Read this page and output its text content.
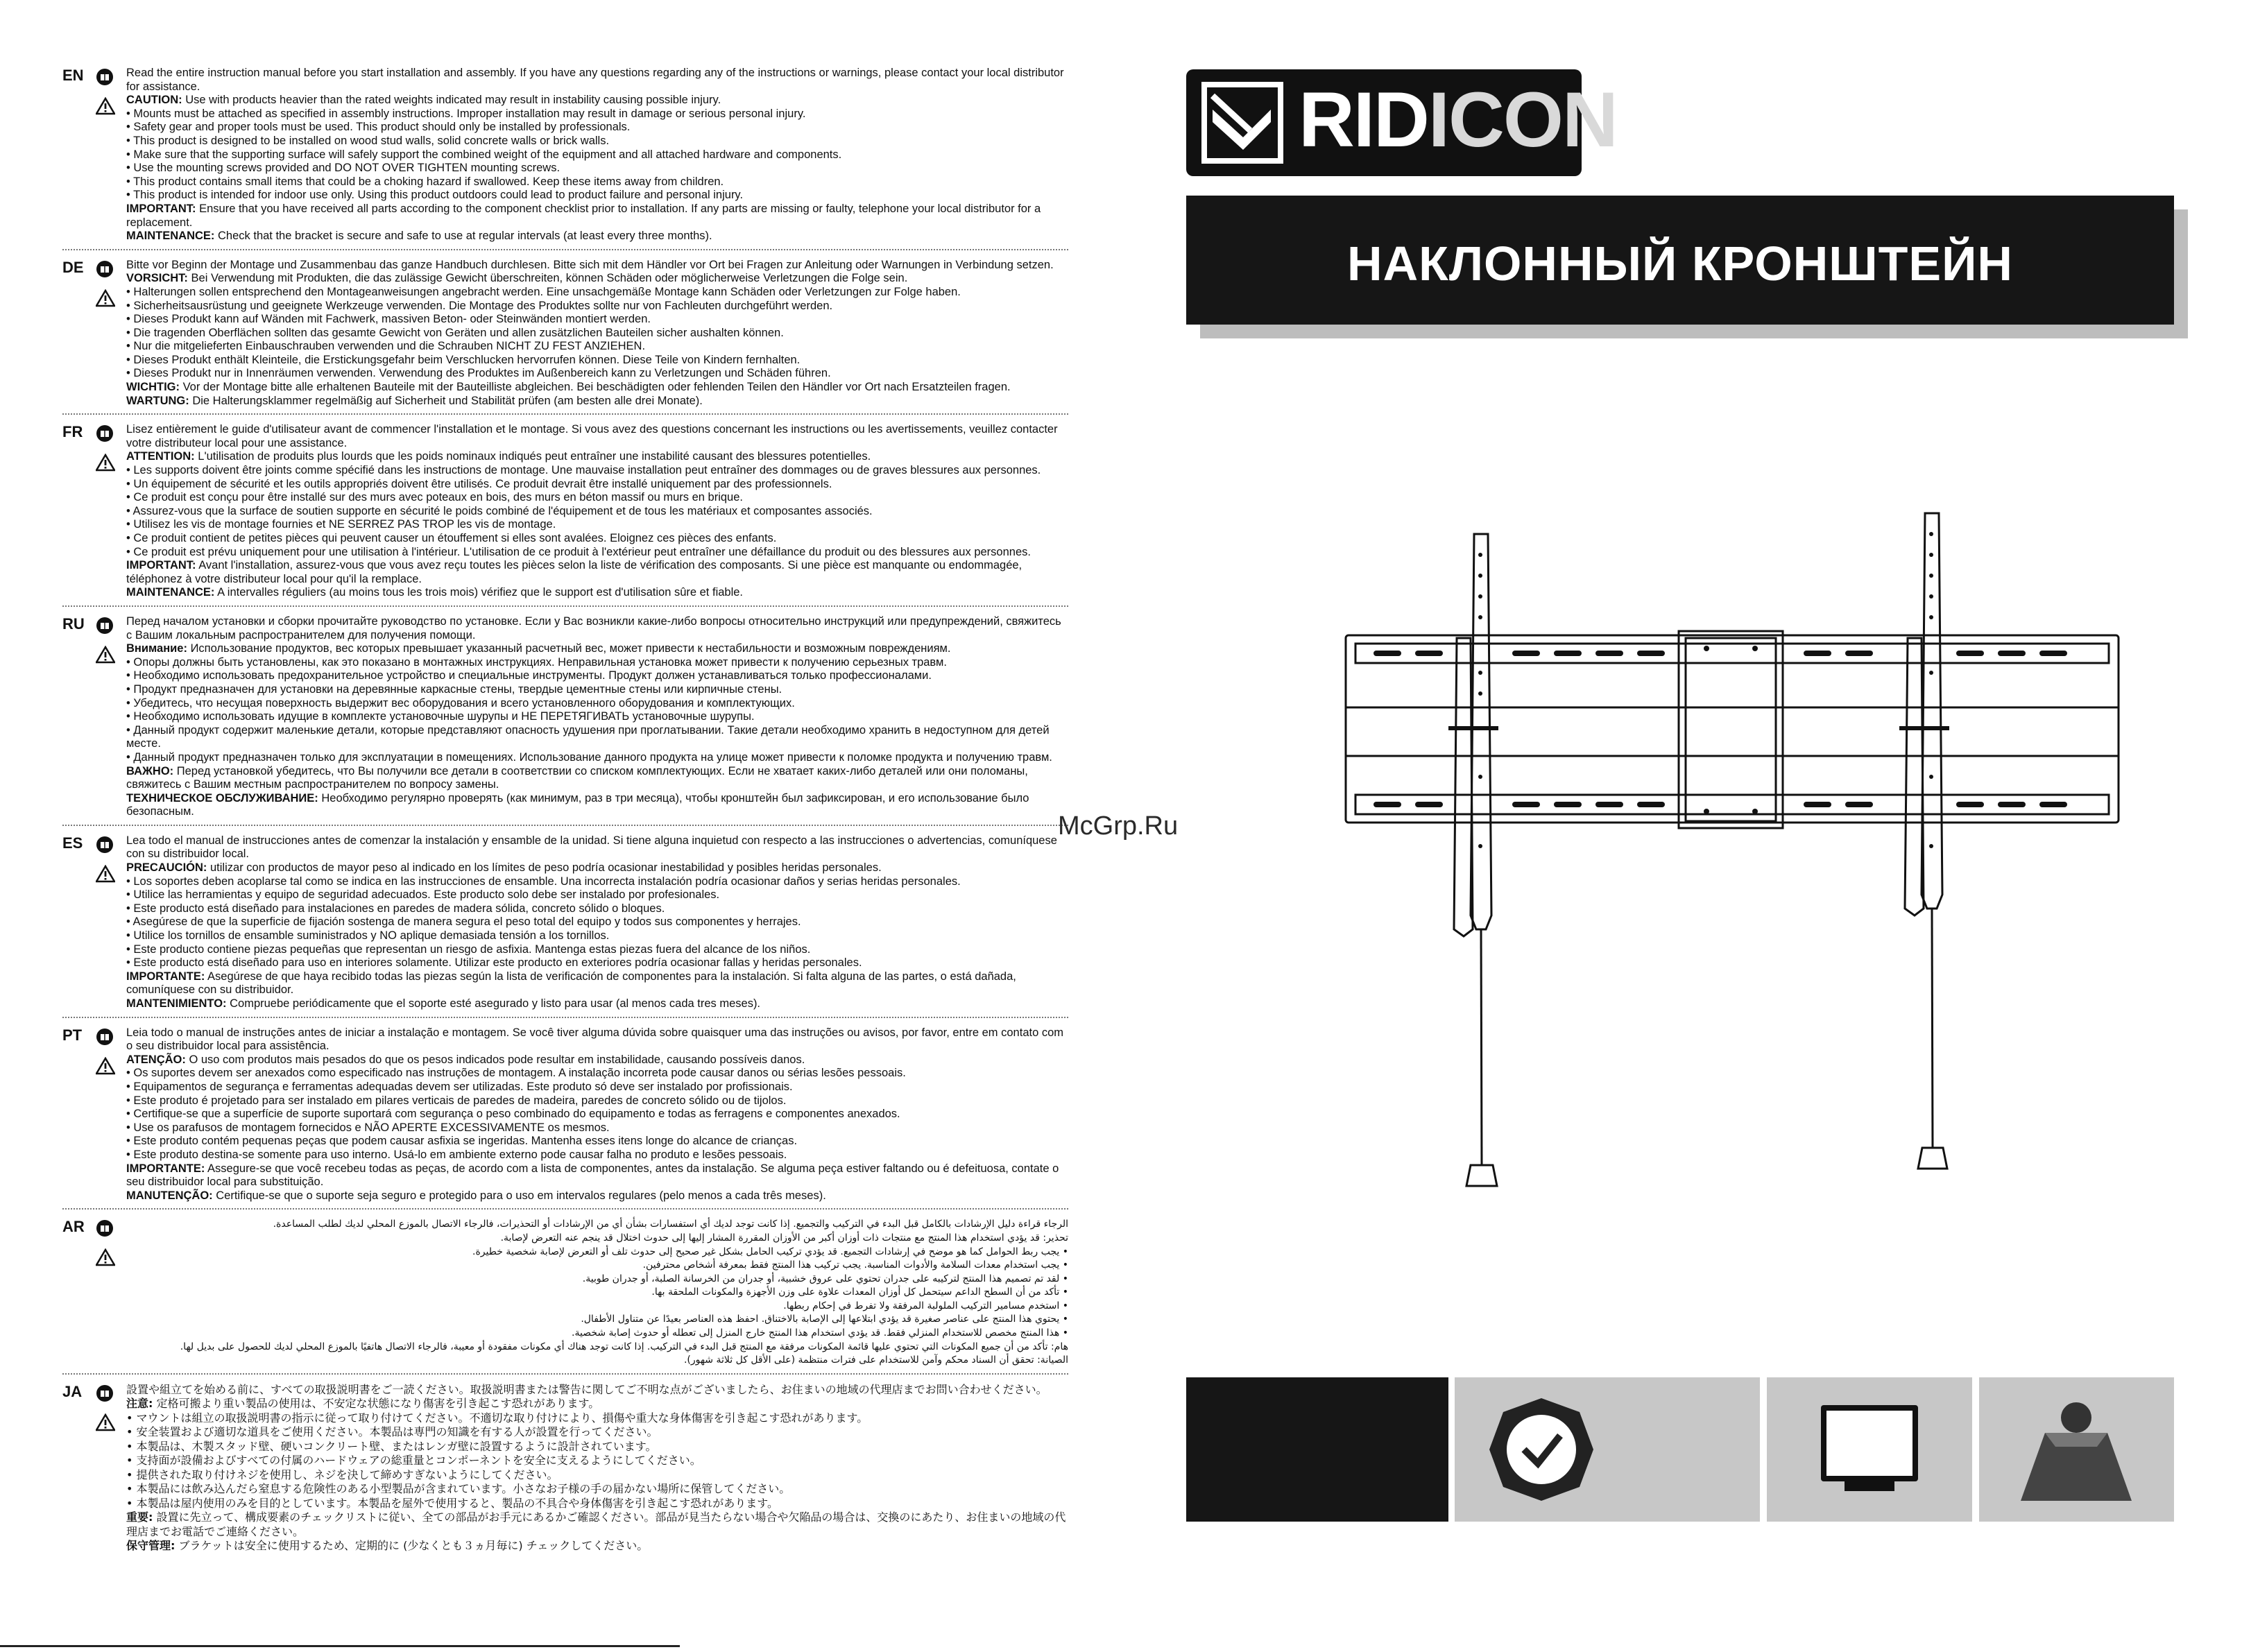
EN	Read the entire instruction manual before you start installation and assembly. If you have any questions regarding any of the instructions or warnings, please contact your local distributor for assistance.
CAUTION: Use with products heavier than the rated weights indicated may result in instability causing possible injury.
• Mounts must be attached as specified in assembly instructions. Improper installation may result in damage or serious personal injury.
• Safety gear and proper tools must be used. This product should only be installed by professionals.
• This product is designed to be installed on wood stud walls, solid concrete walls or brick walls.
• Make sure that the supporting surface will safely support the combined weight of the equipment and all attached hardware and components.
• Use the mounting screws provided and DO NOT OVER TIGHTEN mounting screws.
• This product contains small items that could be a choking hazard if swallowed. Keep these items away from children.
• This product is intended for indoor use only. Using this product outdoors could lead to product failure and personal injury.
IMPORTANT: Ensure that you have received all parts according to the component checklist prior to installation. If any parts are missing or faulty, telephone your local distributor for a replacement.
MAINTENANCE: Check that the bracket is secure and safe to use at regular intervals (at least every three months).
DE	Bitte vor Beginn der Montage und Zusammenbau das ganze Handbuch durchlesen. Bitte sich mit dem Händler vor Ort bei Fragen zur Anleitung oder Warnungen in Verbindung setzen.
VORSICHT: Bei Verwendung mit Produkten, die das zulässige Gewicht überschreiten, können Schäden oder möglicherweise Verletzungen die Folge sein.
• Halterungen sollen entsprechend den Montageanweisungen angebracht werden. Eine unsachgemäße Montage kann Schäden oder Verletzungen zur Folge haben.
• Sicherheitsausrüstung und geeignete Werkzeuge verwenden. Die Montage des Produktes sollte nur von Fachleuten durchgeführt werden.
• Dieses Produkt kann auf Wänden mit Fachwerk, massiven Beton- oder Steinwänden montiert werden.
• Die tragenden Oberflächen sollten das gesamte Gewicht von Geräten und allen zusätzlichen Bauteilen sicher aushalten können.
• Nur die mitgelieferten Einbauschrauben verwenden und die Schrauben NICHT ZU FEST ANZIEHEN.
• Dieses Produkt enthält Kleinteile, die Erstickungsgefahr beim Verschlucken hervorrufen können. Diese Teile von Kindern fernhalten.
• Dieses Produkt nur in Innenräumen verwenden. Verwendung des Produktes im Außenbereich kann zu Verletzungen und Schäden führen.
WICHTIG: Vor der Montage bitte alle erhaltenen Bauteile mit der Bauteilliste abgleichen. Bei beschädigten oder fehlenden Teilen den Händler vor Ort nach Ersatzteilen fragen.
WARTUNG: Die Halterungsklammer regelmäßig auf Sicherheit und Stabilität prüfen (am besten alle drei Monate).
FR	Lisez entièrement le guide d'utilisateur avant de commencer l'installation et le montage. Si vous avez des questions concernant les instructions ou les avertissements, veuillez contacter votre distributeur local pour une assistance.
ATTENTION: L'utilisation de produits plus lourds que les poids nominaux indiqués peut entraîner une instabilité causant des blessures potentielles.
• Les supports doivent être joints comme spécifié dans les instructions de montage. Une mauvaise installation peut entraîner des dommages ou de graves blessures aux personnes.
• Un équipement de sécurité et les outils appropriés doivent être utilisés. Ce produit devrait être installé uniquement par des professionnels.
• Ce produit est conçu pour être installé sur des murs avec poteaux en bois, des murs en béton massif ou murs en brique.
• Assurez-vous que la surface de soutien supporte en sécurité le poids combiné de l'équipement et de tous les matériaux et composantes associés.
• Utilisez les vis de montage fournies et NE SERREZ PAS TROP les vis de montage.
• Ce produit contient de petites pièces qui peuvent causer un étouffement si elles sont avalées. Eloignez ces pièces des enfants.
• Ce produit est prévu uniquement pour une utilisation à l'intérieur. L'utilisation de ce produit à l'extérieur peut entraîner une défaillance du produit ou des blessures aux personnes.
IMPORTANT: Avant l'installation, assurez-vous que vous avez reçu toutes les pièces selon la liste de vérification des composants. Si une pièce est manquante ou endommagée, téléphonez à votre distributeur local pour qu'il la remplace.
MAINTENANCE: A intervalles réguliers (au moins tous les trois mois) vérifiez que le support est d'utilisation sûre et fiable.
RU	Перед началом установки и сборки прочитайте руководство по установке. Если у Вас возникли какие-либо вопросы относительно инструкций или предупреждений, свяжитесь с Вашим локальным распространителем для получения помощи.
Внимание: Использование продуктов, вес которых превышает указанный расчетный вес, может привести к нестабильности и возможным повреждениям.
• Опоры должны быть установлены, как это показано в монтажных инструкциях. Неправильная установка может привести к получению серьезных травм.
• Необходимо использовать предохранительное устройство и специальные инструменты. Продукт должен устанавливаться только профессионалами.
• Продукт предназначен для установки на деревянные каркасные стены, твердые цементные стены или кирпичные стены.
• Убедитесь, что несущая поверхность выдержит вес оборудования и всего установленного оборудования и комплектующих.
• Необходимо использовать идущие в комплекте установочные шурупы и НЕ ПЕРЕТЯГИВАТЬ установочные шурупы.
• Данный продукт содержит маленькие детали, которые представляют опасность удушения при проглатывании. Такие детали необходимо хранить в недоступном для детей месте.
• Данный продукт предназначен только для эксплуатации в помещениях. Использование данного продукта на улице может привести к поломке продукта и получению травм.
ВАЖНО: Перед установкой убедитесь, что Вы получили все детали в соответствии со списком комплектующих. Если не хватает каких-либо деталей или они поломаны, свяжитесь с Вашим местным распространителем по вопросу замены.
ТЕХНИЧЕСКОЕ ОБСЛУЖИВАНИЕ: Необходимо регулярно проверять (как минимум, раз в три месяца), чтобы кронштейн был зафиксирован, и его использование было безопасным.
ES	Lea todo el manual de instrucciones antes de comenzar la instalación y ensamble de la unidad. Si tiene alguna inquietud con respecto a las instrucciones o advertencias, comuníquese con su distribuidor local.
PRECAUCIÓN: utilizar con productos de mayor peso al indicado en los límites de peso podría ocasionar inestabilidad y posibles heridas personales.
• Los soportes deben acoplarse tal como se indica en las instrucciones de ensamble. Una incorrecta instalación podría ocasionar daños y serias heridas personales.
• Utilice las herramientas y equipo de seguridad adecuados. Este producto solo debe ser instalado por profesionales.
• Este producto está diseñado para instalaciones en paredes de madera sólida, concreto sólido o bloques.
• Asegúrese de que la superficie de fijación sostenga de manera segura el peso total del equipo y todos sus componentes y herrajes.
• Utilice los tornillos de ensamble suministrados y NO aplique demasiada tensión a los tornillos.
• Este producto contiene piezas pequeñas que representan un riesgo de asfixia. Mantenga estas piezas fuera del alcance de los niños.
• Este producto está diseñado para uso en interiores solamente. Utilizar este producto en exteriores podría ocasionar fallas y heridas personales.
IMPORTANTE: Asegúrese de que haya recibido todas las piezas según la lista de verificación de componentes para la instalación. Si falta alguna de las partes, o está dañada, comuníquese con su distribuidor.
MANTENIMIENTO: Compruebe periódicamente que el soporte esté asegurado y listo para usar (al menos cada tres meses).
PT	Leia todo o manual de instruções antes de iniciar a instalação e montagem. Se você tiver alguma dúvida sobre quaisquer uma das instruções ou avisos, por favor, entre em contato com o seu distribuidor local para assistência.
ATENÇÃO: O uso com produtos mais pesados do que os pesos indicados pode resultar em instabilidade, causando possíveis danos.
• Os suportes devem ser anexados como especificado nas instruções de montagem. A instalação incorreta pode causar danos ou sérias lesões pessoais.
• Equipamentos de segurança e ferramentas adequadas devem ser utilizadas. Este produto só deve ser instalado por profissionais.
• Este produto é projetado para ser instalado em pilares verticais de paredes de madeira, paredes de concreto sólido ou de tijolos.
• Certifique-se que a superfície de suporte suportará com segurança o peso combinado do equipamento e todas as ferragens e componentes anexados.
• Use os parafusos de montagem fornecidos e NÃO APERTE EXCESSIVAMENTE os mesmos.
• Este produto contém pequenas peças que podem causar asfixia se ingeridas. Mantenha esses itens longe do alcance de crianças.
• Este produto destina-se somente para uso interno. Usá-lo em ambiente externo pode causar falha no produto e lesões pessoais.
IMPORTANTE: Assegure-se que você recebeu todas as peças, de acordo com a lista de componentes, antes da instalação. Se alguma peça estiver faltando ou é defeituosa, contate o seu distribuidor local para substituição.
MANUTENÇÃO: Certifique-se que o suporte seja seguro e protegido para o uso em intervalos regulares (pelo menos a cada três meses).
AR	الرجاء قراءة دليل الإرشادات بالكامل قبل البدء في التركيب والتجميع. إذا كانت توجد لديك أي استفسارات بشأن أي من الإرشادات أو التحذيرات، فالرجاء الاتصال بالموزع المحلي لديك لطلب المساعدة.
تحذير: قد يؤدي استخدام هذا المنتج مع منتجات ذات أوزان أكبر من الأوزان المقررة المشار إليها إلى حدوث اختلال قد ينجم عنه التعرض لإصابة.
• يجب ربط الحوامل كما هو موضح في إرشادات التجميع. قد يؤدي تركيب الحامل بشكل غير صحيح إلى حدوث تلف أو التعرض لإصابة شخصية خطيرة.
• يجب استخدام معدات السلامة والأدوات المناسبة. يجب تركيب هذا المنتج فقط بمعرفة أشخاص محترفين.
• لقد تم تصميم هذا المنتج لتركيبه على جدران تحتوي على عروق خشبية، أو جدران من الخرسانة الصلبة، أو جدران طوبية.
• تأكد من أن السطح الداعم سيتحمل كل أوزان المعدات علاوة على وزن الأجهزة والمكونات الملحقة بها.
• استخدم مسامير التركيب الملولبة المرفقة ولا تفرط في إحكام ربطها.
• يحتوي هذا المنتج على عناصر صغيرة قد يؤدي ابتلاعها إلى الإصابة بالاختناق. احفظ هذه العناصر بعيدًا عن متناول الأطفال.
• هذا المنتج مخصص للاستخدام المنزلي فقط. قد يؤدي استخدام هذا المنتج خارج المنزل إلى تعطله أو حدوث إصابة شخصية.
هام: تأكد من أن جميع المكونات التي تحتوي عليها قائمة المكونات مرفقة مع المنتج قبل البدء في التركيب. إذا كانت توجد هناك أي مكونات مفقودة أو معيبة، فالرجاء الاتصال هاتفيًا بالموزع المحلي لديك للحصول على بديل لها.
الصيانة: تحقق أن السناد محكم وآمن للاستخدام على فترات منتظمة (على الأقل كل ثلاثة شهور).
JA	設置や組立てを始める前に、すべての取扱説明書をご一読ください。取扱説明書または警告に関してご不明な点がございましたら、お住まいの地域の代理店までお問い合わせください。
注意: 定格可搬より重い製品の使用は、不安定な状態になり傷害を引き起こす恐れがあります。
• マウントは組立の取扱説明書の指示に従って取り付けてください。不適切な取り付けにより、損傷や重大な身体傷害を引き起こす恐れがあります。
• 安全装置および適切な道具をご使用ください。本製品は専門の知識を有する人が設置を行ってください。
• 本製品は、木製スタッド壁、硬いコンクリート壁、またはレンガ壁に設置するように設計されています。
• 支持面が設備およびすべての付属のハードウェアの総重量とコンポーネントを安全に支えるようにしてください。
• 提供された取り付けネジを使用し、ネジを決して締めすぎないようにしてください。
• 本製品には飲み込んだら窒息する危険性のある小型製品が含まれています。小さなお子様の手の届かない場所に保管してください。
• 本製品は屋内使用のみを目的としています。本製品を屋外で使用すると、製品の不具合や身体傷害を引き起こす恐れがあります。
重要: 設置に先立って、構成要素のチェックリストに従い、全ての部品がお手元にあるかご確認ください。部品が見当たらない場合や欠陥品の場合は、交換のにあたり、お住まいの地域の代理店までお電話でご連絡ください。
保守管理: ブラケットは安全に使用するため、定期的に (少なくとも３ヵ月毎に) チェックしてください。
RIDICON
НАКЛОННЫЙ КРОНШТЕЙН
McGrp.Ru
